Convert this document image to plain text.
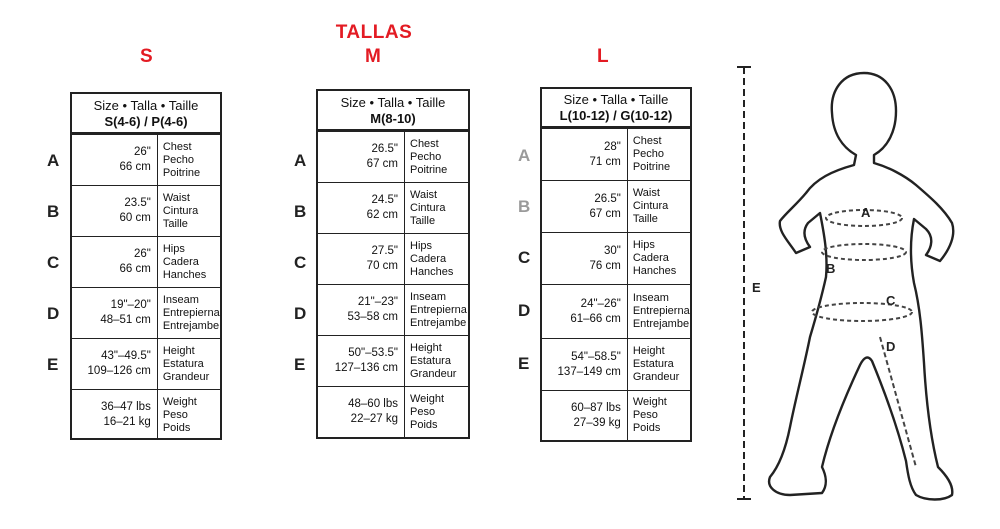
TALLAS
S
A
B
C
D
E
Size • Talla • Taille
S(4-6) / P(4-6)
26"
66 cm
Chest
Pecho
Poitrine
23.5"
60 cm
Waist
Cintura
Taille
26"
66 cm
Hips
Cadera
Hanches
19"–20"
48–51 cm
Inseam
Entrepierna
Entrejambe
43"–49.5"
109–126 cm
Height
Estatura
Grandeur
36–47 lbs
16–21 kg
Weight
Peso
Poids
M
A
B
C
D
E
Size • Talla • Taille
M(8-10)
26.5"
67 cm
Chest
Pecho
Poitrine
24.5"
62 cm
Waist
Cintura
Taille
27.5"
70 cm
Hips
Cadera
Hanches
21"–23"
53–58 cm
Inseam
Entrepierna
Entrejambe
50"–53.5"
127–136 cm
Height
Estatura
Grandeur
48–60 lbs
22–27 kg
Weight
Peso
Poids
L
A
B
C
D
E
Size • Talla • Taille
L(10-12) / G(10-12)
28"
71 cm
Chest
Pecho
Poitrine
26.5"
67 cm
Waist
Cintura
Taille
30"
76 cm
Hips
Cadera
Hanches
24"–26"
61–66 cm
Inseam
Entrepierna
Entrejambe
54"–58.5"
137–149 cm
Height
Estatura
Grandeur
60–87 lbs
27–39 kg
Weight
Peso
Poids
A
B
C
D
E
